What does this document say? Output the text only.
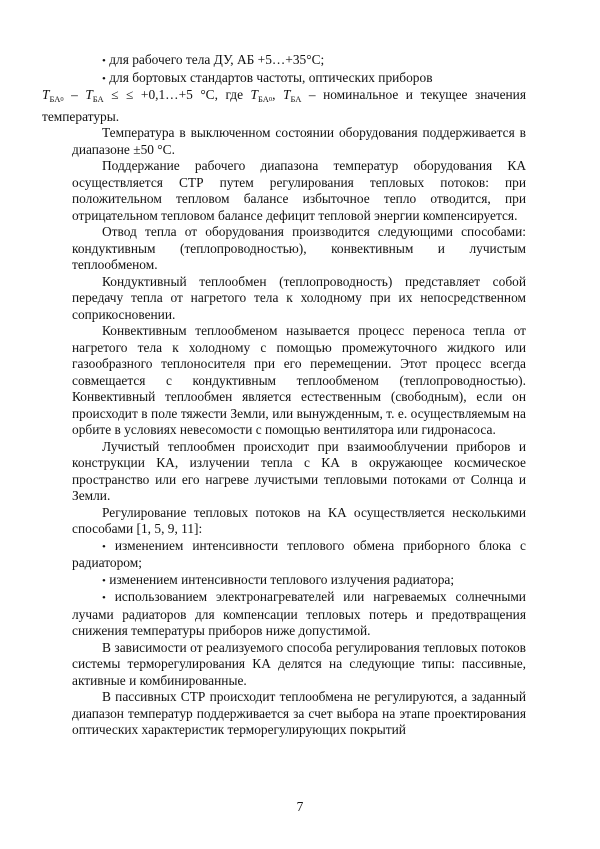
• для рабочего тела ДУ, АБ +5…+35°С;

• для бортовых стандартов частоты, оптических приборов
$T_{БА}0 - T_{БА}$ ≤ ≤ +0,1…+5 °С, где $T_{БА}0$, $T_{БА}$ – номинальное и текущее значения температуры.

Температура в выключенном состоянии оборудования поддерживается в диапазоне ±50 °С.

Поддержание рабочего диапазона температур оборудования КА осуществляется СТР путем регулирования тепловых потоков: при положительном тепловом балансе избыточное тепло отводится, при отрицательном тепловом балансе дефицит тепловой энергии компенсируется.

Отвод тепла от оборудования производится следующими способами: кондуктивным (теплопроводностью), конвективным и лучистым теплообменом.

Кондуктивный теплообмен (теплопроводность) представляет собой передачу тепла от нагретого тела к холодному при их непосредственном соприкосновении.

Конвективным теплообменом называется процесс переноса тепла от нагретого тела к холодному с помощью промежуточного жидкого или газообразного теплоносителя при его перемещении. Этот процесс всегда совмещается с кондуктивным теплообменом (теплопроводностью). Конвективный теплообмен является естественным (свободным), если он происходит в поле тяжести Земли, или вынужденным, т. е. осуществляемым на орбите в условиях невесомости с помощью вентилятора или гидронасоса.

Лучистый теплообмен происходит при взаимооблучении приборов и конструкции КА, излучении тепла с КА в окружающее космическое пространство или его нагреве лучистыми тепловыми потоками от Солнца и Земли.

Регулирование тепловых потоков на КА осуществляется несколькими способами [1, 5, 9, 11]:

• изменением интенсивности теплового обмена приборного блока с радиатором;

• изменением интенсивности теплового излучения радиатора;

• использованием электронагревателей или нагреваемых солнечными лучами радиаторов для компенсации тепловых потерь и предотвращения снижения температуры приборов ниже допустимой.

В зависимости от реализуемого способа регулирования тепловых потоков системы терморегулирования КА делятся на следующие типы: пассивные, активные и комбинированные.

В пассивных СТР происходит теплообмена не регулируются, а заданный диапазон температур поддерживается за счет выбора на этапе проектирования оптических характеристик терморегулирующих покрытий

7
